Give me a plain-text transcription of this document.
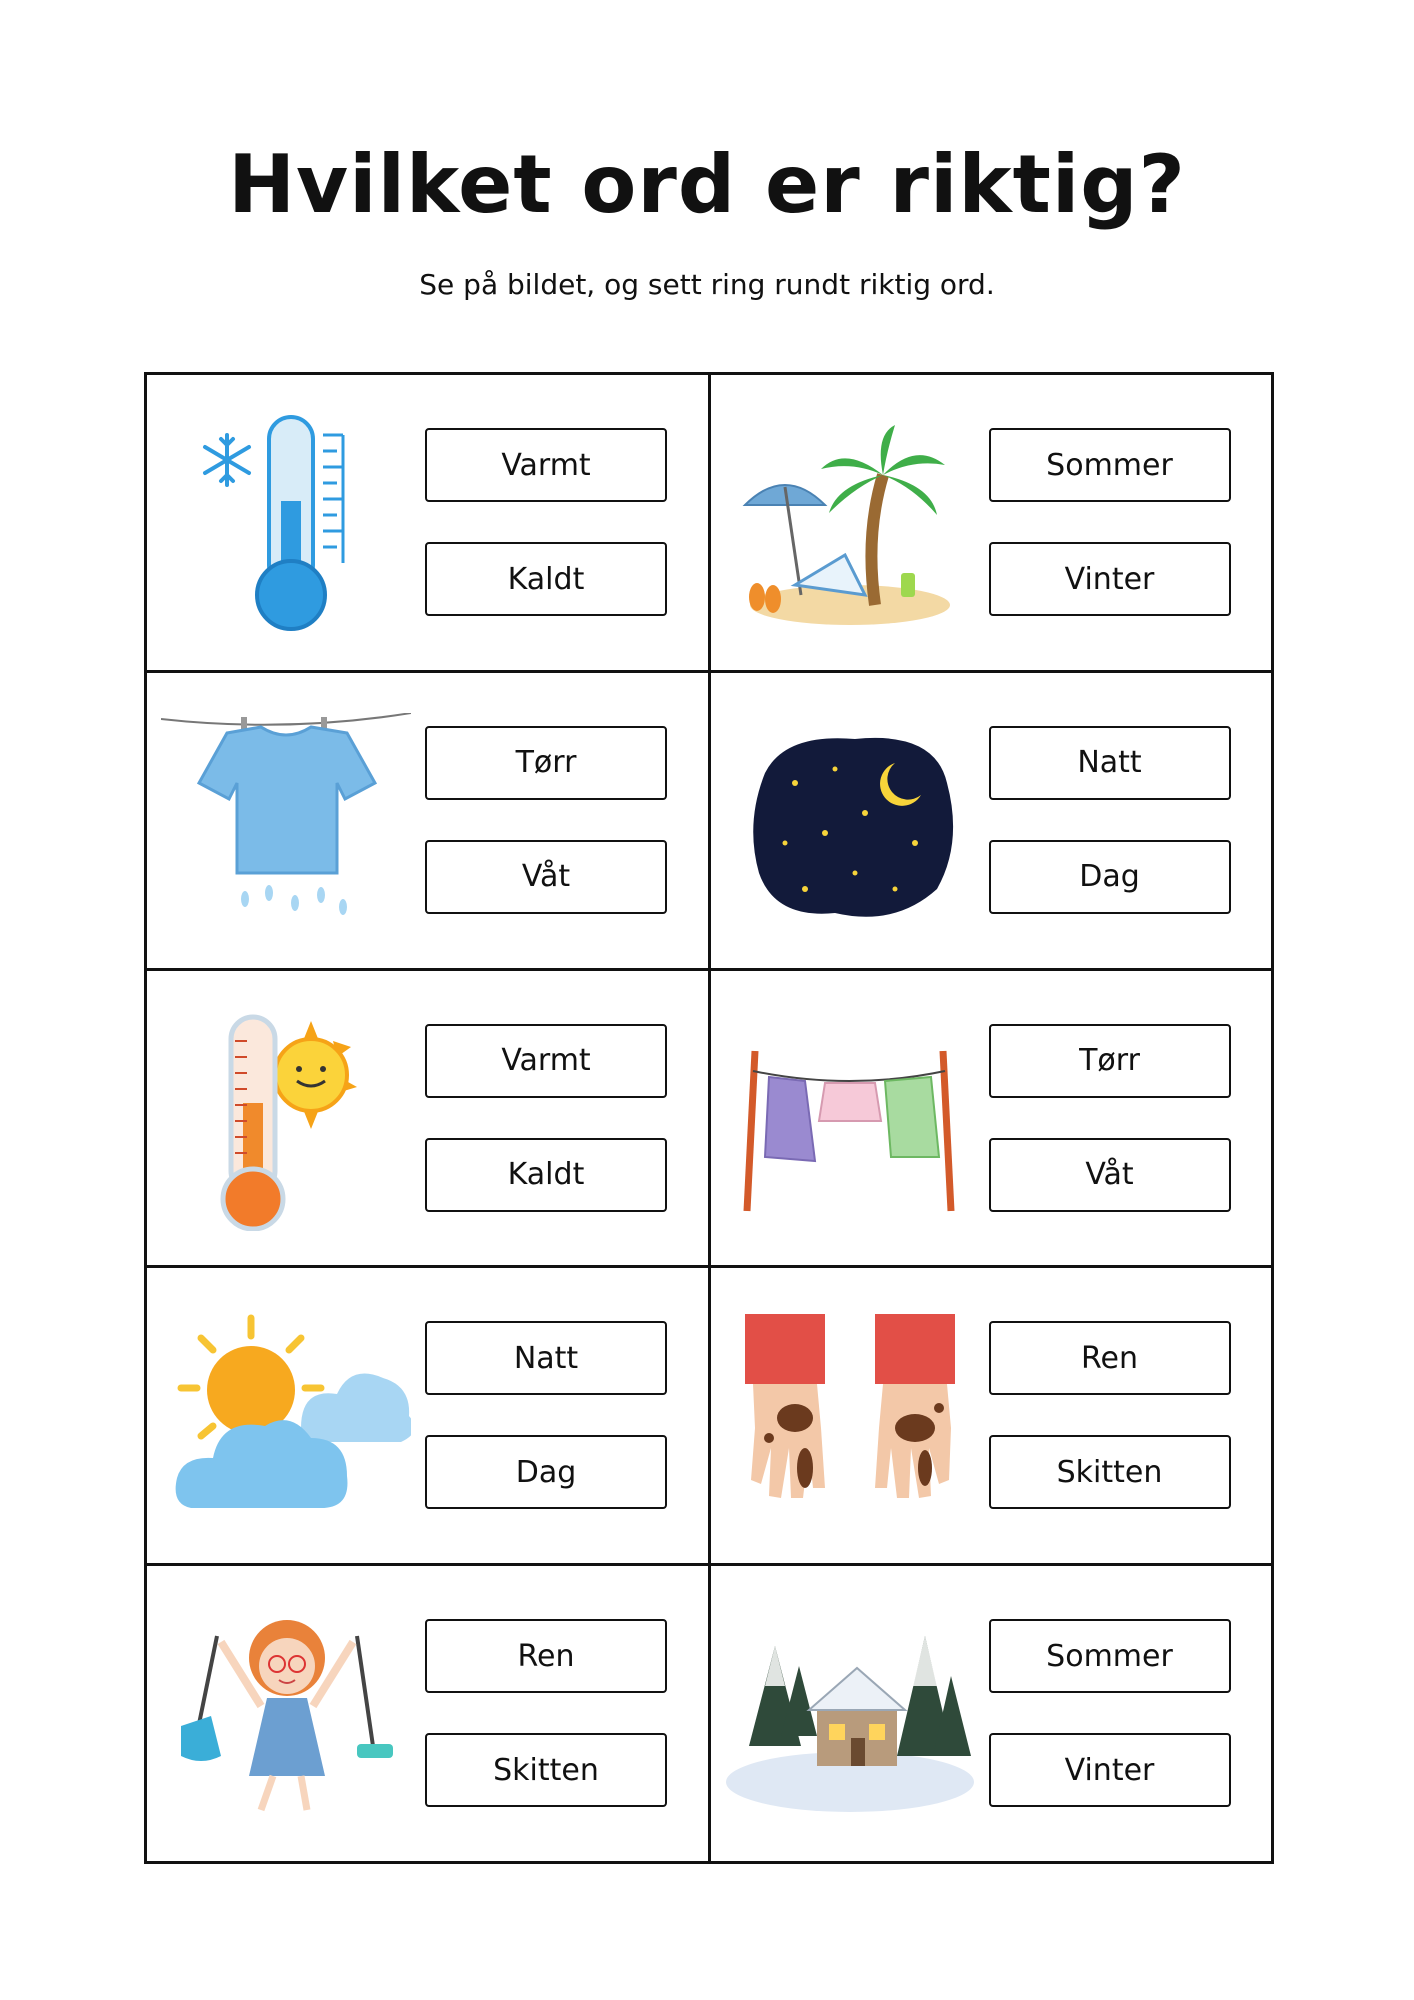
Hvilket ord er riktig?

Se på bildet, og sett ring rundt riktig ord.

Varmt
Kaldt
Sommer
Vinter
Tørr
Våt
Natt
Dag
Varmt
Kaldt
Tørr
Våt
Natt
Dag
Ren
Skitten
Ren
Skitten
Sommer
Vinter
